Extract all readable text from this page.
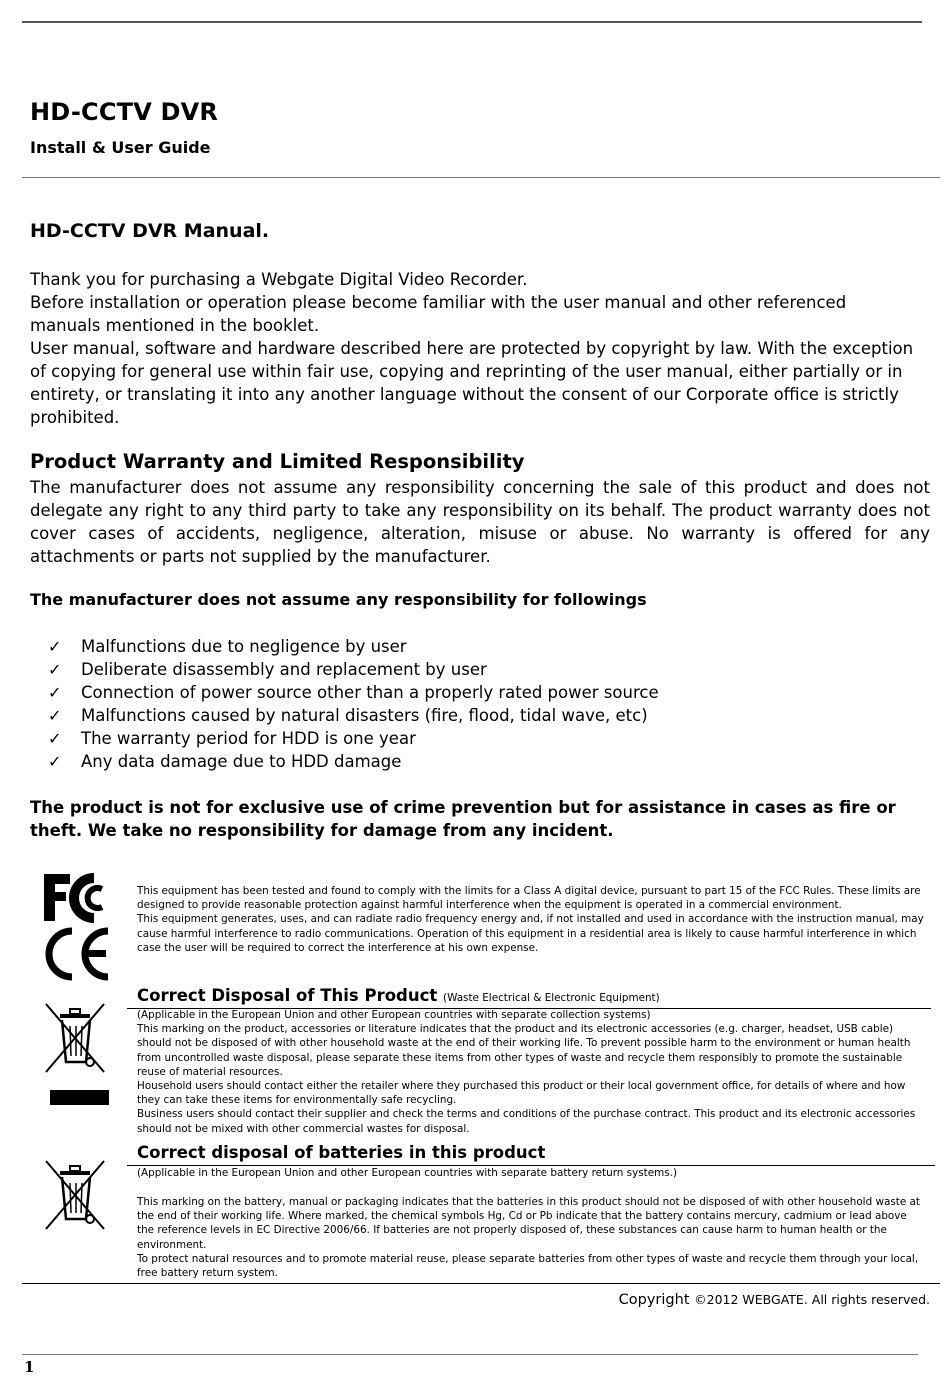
HD-CCTV DVR
Install & User Guide
HD-CCTV DVR Manual.
Thank you for purchasing a Webgate Digital Video Recorder.
Before installation or operation please become familiar with the user manual and other referenced manuals mentioned in the booklet.
User manual, software and hardware described here are protected by copyright by law. With the exception of copying for general use within fair use, copying and reprinting of the user manual, either partially or in entirety, or translating it into any another language without the consent of our Corporate office is strictly prohibited.
Product Warranty and Limited Responsibility
The manufacturer does not assume any responsibility concerning the sale of this product and does not delegate any right to any third party to take any responsibility on its behalf. The product warranty does not cover cases of accidents, negligence, alteration, misuse or abuse. No warranty is offered for any attachments or parts not supplied by the manufacturer.
The manufacturer does not assume any responsibility for followings
✓ Malfunctions due to negligence by user
✓ Deliberate disassembly and replacement by user
✓ Connection of power source other than a properly rated power source
✓ Malfunctions caused by natural disasters (fire, flood, tidal wave, etc)
✓ The warranty period for HDD is one year
✓ Any data damage due to HDD damage
The product is not for exclusive use of crime prevention but for assistance in cases as fire or theft. We take no responsibility for damage from any incident.
This equipment has been tested and found to comply with the limits for a Class A digital device, pursuant to part 15 of the FCC Rules. These limits are designed to provide reasonable protection against harmful interference when the equipment is operated in a commercial environment.
This equipment generates, uses, and can radiate radio frequency energy and, if not installed and used in accordance with the instruction manual, may cause harmful interference to radio communications. Operation of this equipment in a residential area is likely to cause harmful interference in which case the user will be required to correct the interference at his own expense.
Correct Disposal of This Product (Waste Electrical & Electronic Equipment)
(Applicable in the European Union and other European countries with separate collection systems)
This marking on the product, accessories or literature indicates that the product and its electronic accessories (e.g. charger, headset, USB cable) should not be disposed of with other household waste at the end of their working life. To prevent possible harm to the environment or human health from uncontrolled waste disposal, please separate these items from other types of waste and recycle them responsibly to promote the sustainable reuse of material resources.
Household users should contact either the retailer where they purchased this product or their local government office, for details of where and how they can take these items for environmentally safe recycling.
Business users should contact their supplier and check the terms and conditions of the purchase contract. This product and its electronic accessories should not be mixed with other commercial wastes for disposal.
Correct disposal of batteries in this product
(Applicable in the European Union and other European countries with separate battery return systems.)
This marking on the battery, manual or packaging indicates that the batteries in this product should not be disposed of with other household waste at the end of their working life. Where marked, the chemical symbols Hg, Cd or Pb indicate that the battery contains mercury, cadmium or lead above the reference levels in EC Directive 2006/66. If batteries are not properly disposed of, these substances can cause harm to human health or the environment.
To protect natural resources and to promote material reuse, please separate batteries from other types of waste and recycle them through your local, free battery return system.
Copyright ©2012 WEBGATE. All rights reserved.
1
